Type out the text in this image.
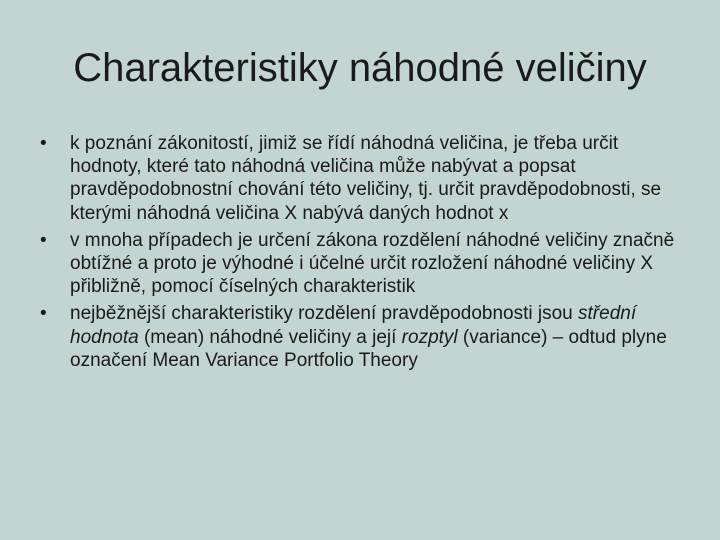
Charakteristiky náhodné veličiny
•	k poznání zákonitostí, jimiž se řídí náhodná veličina, je třeba určit hodnoty, které tato náhodná veličina může nabývat a popsat pravděpodobnostní chování této veličiny, tj. určit pravděpodobnosti, se kterými náhodná veličina X nabývá daných hodnot x
•	v mnoha případech je určení zákona rozdělení náhodné veličiny značně obtížné a proto je výhodné i účelné určit rozložení náhodné veličiny X přibližně, pomocí číselných charakteristik
•	nejběžnější charakteristiky rozdělení pravděpodobnosti jsou střední hodnota (mean) náhodné veličiny a její rozptyl (variance) – odtud plyne označení Mean Variance Portfolio Theory
